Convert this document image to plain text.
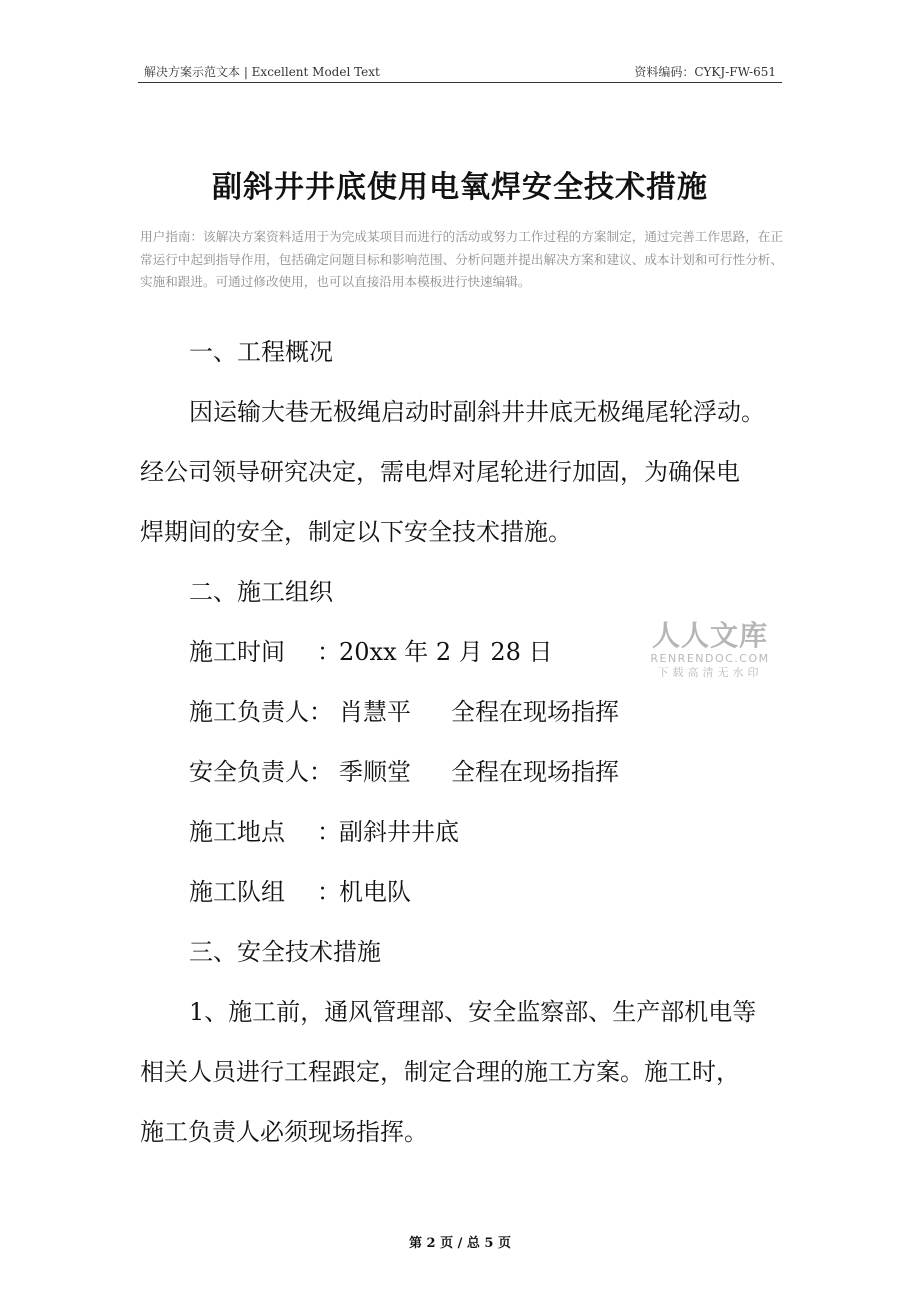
解决方案示范文本 | Excellent Model Text	资料编码：CYKJ-FW-651
副斜井井底使用电氧焊安全技术措施

用户指南：该解决方案资料适用于为完成某项目而进行的活动或努力工作过程的方案制定，通过完善工作思路，在正常运行中起到指导作用，包括确定问题目标和影响范围、分析问题并提出解决方案和建议、成本计划和可行性分析、实施和跟进。可通过修改使用，也可以直接沿用本模板进行快速编辑。

一、工程概况

因运输大巷无极绳启动时副斜井井底无极绳尾轮浮动。

经公司领导研究决定，需电焊对尾轮进行加固，为确保电

焊期间的安全，制定以下安全技术措施。

二、施工组织

施工时间 ：20xx 年 2 月 28 日

施工负责人： 肖慧平 全程在现场指挥

安全负责人： 季顺堂 全程在现场指挥

施工地点 ：副斜井井底

施工队组 ：机电队

三、安全技术措施

1、施工前，通风管理部、安全监察部、生产部机电等

相关人员进行工程跟定，制定合理的施工方案。施工时，

施工负责人必须现场指挥。

人人文库
RENRENDOC.COM
下载高清无水印
第 2 页 / 总 5 页
